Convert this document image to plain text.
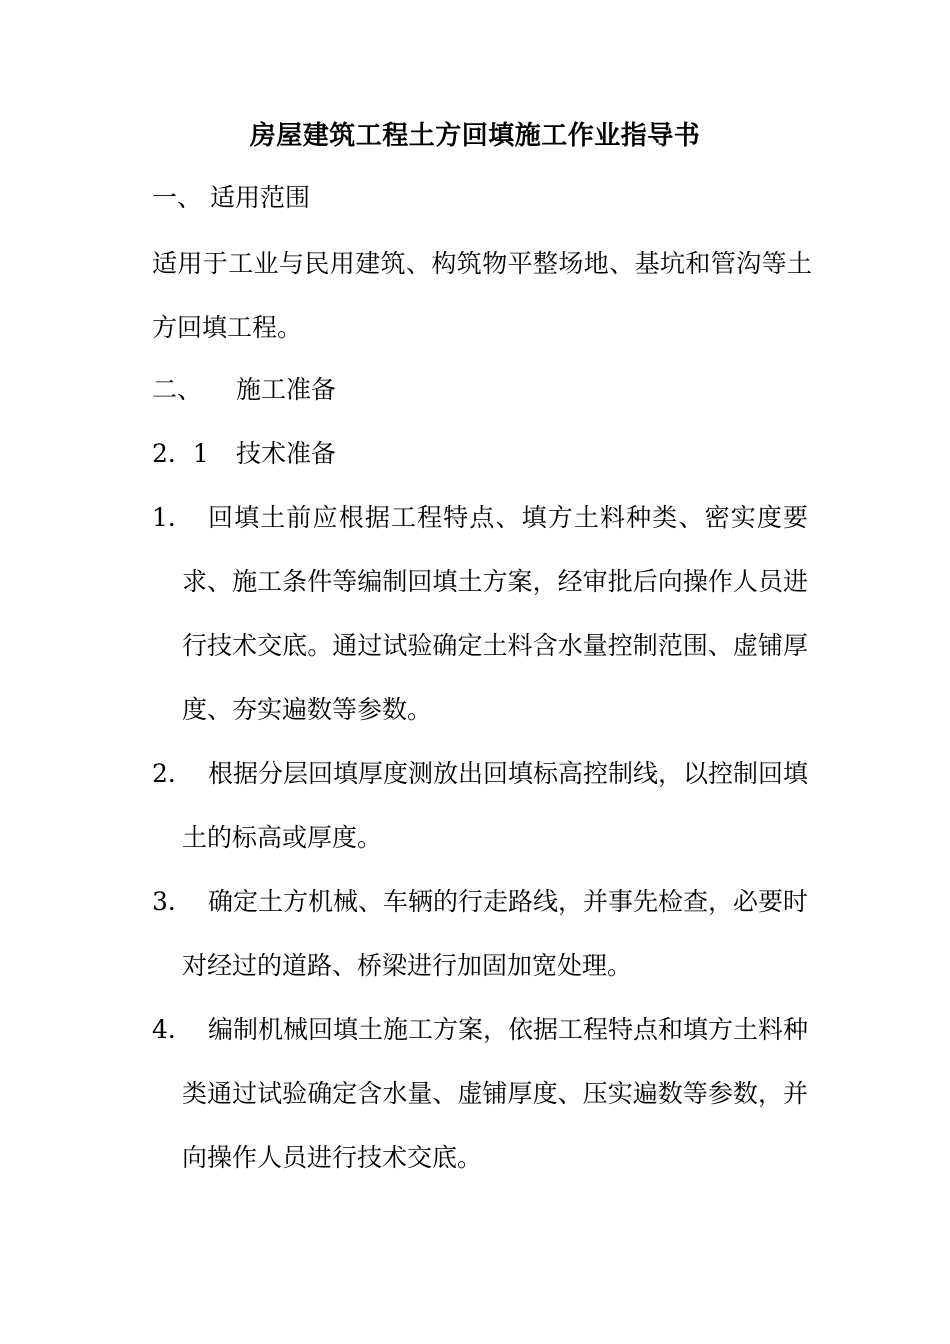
房屋建筑工程土方回填施工作业指导书
一、 适用范围
适用于工业与民用建筑、构筑物平整场地、基坑和管沟等土方回填工程。
二、 施工准备
2．1 技术准备
1． 回填土前应根据工程特点、填方土料种类、密实度要求、施工条件等编制回填土方案，经审批后向操作人员进行技术交底。通过试验确定土料含水量控制范围、虚铺厚度、夯实遍数等参数。
2． 根据分层回填厚度测放出回填标高控制线，以控制回填土的标高或厚度。
3． 确定土方机械、车辆的行走路线，并事先检查，必要时对经过的道路、桥梁进行加固加宽处理。
4． 编制机械回填土施工方案，依据工程特点和填方土料种类通过试验确定含水量、虚铺厚度、压实遍数等参数，并向操作人员进行技术交底。
